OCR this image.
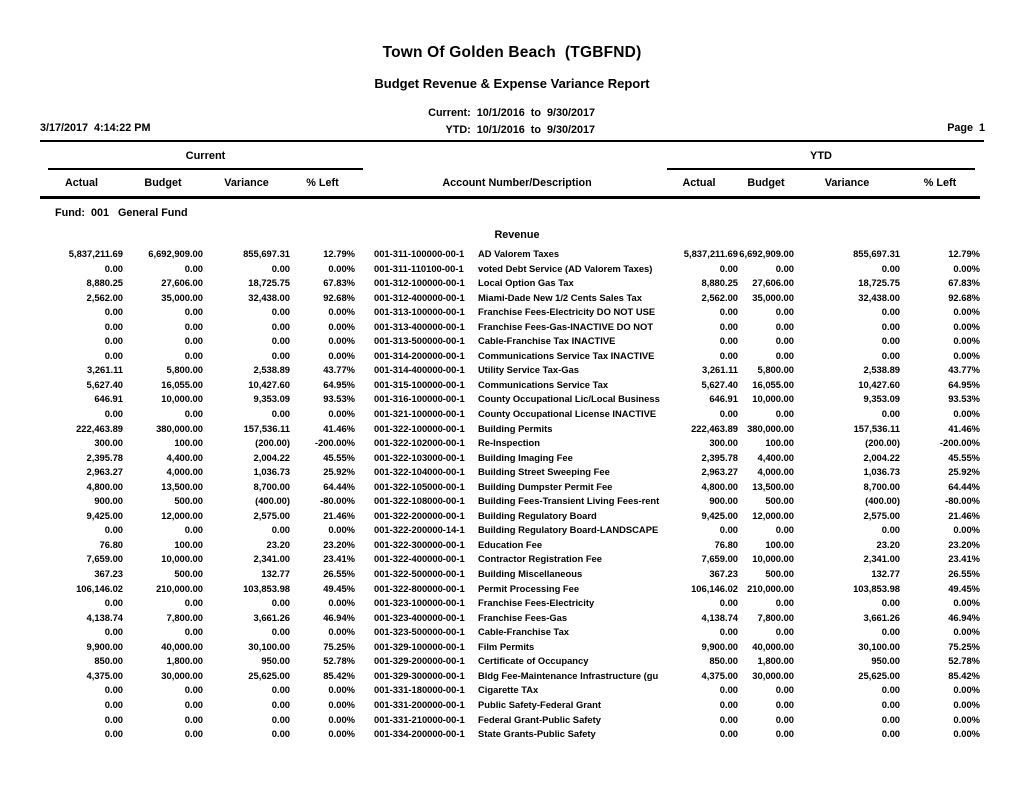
Town Of Golden Beach  (TGBFND)
Budget Revenue & Expense Variance Report
Current:  10/1/2016  to  9/30/2017
YTD:  10/1/2016  to  9/30/2017
3/17/2017  4:14:22 PM	Page  1
Current	YTD
Actual	Budget	Variance	% Left	Account Number/Description	Actual	Budget	Variance	% Left
Fund:  001 General Fund
Revenue
5,837,211.69	6,692,909.00	855,697.31	12.79% 001-311-100000-00-1	AD Valorem Taxes	5,837,211.69 6,692,909.00	855,697.31	12.79%
0.00	0.00	0.00	0.00% 001-311-110100-00-1	voted Debt Service (AD Valorem Taxes)	0.00	0.00	0.00	0.00%
8,880.25	27,606.00	18,725.75	67.83% 001-312-100000-00-1	Local Option Gas Tax	8,880.25	27,606.00	18,725.75	67.83%
2,562.00	35,000.00	32,438.00	92.68% 001-312-400000-00-1	Miami-Dade New 1/2 Cents Sales Tax	2,562.00	35,000.00	32,438.00	92.68%
0.00	0.00	0.00	0.00% 001-313-100000-00-1	Franchise Fees-Electricity DO NOT USE	0.00	0.00	0.00	0.00%
0.00	0.00	0.00	0.00% 001-313-400000-00-1	Franchise Fees-Gas-INACTIVE DO NOT	0.00	0.00	0.00	0.00%
0.00	0.00	0.00	0.00% 001-313-500000-00-1	Cable-Franchise Tax INACTIVE	0.00	0.00	0.00	0.00%
0.00	0.00	0.00	0.00% 001-314-200000-00-1	Communications Service Tax INACTIVE	0.00	0.00	0.00	0.00%
3,261.11	5,800.00	2,538.89	43.77% 001-314-400000-00-1	Utility Service Tax-Gas	3,261.11	5,800.00	2,538.89	43.77%
5,627.40	16,055.00	10,427.60	64.95% 001-315-100000-00-1	Communications Service Tax	5,627.40	16,055.00	10,427.60	64.95%
646.91	10,000.00	9,353.09	93.53% 001-316-100000-00-1	County Occupational Lic/Local Business	646.91	10,000.00	9,353.09	93.53%
0.00	0.00	0.00	0.00% 001-321-100000-00-1	County Occupational License INACTIVE	0.00	0.00	0.00	0.00%
222,463.89	380,000.00	157,536.11	41.46% 001-322-100000-00-1	Building Permits	222,463.89 380,000.00	157,536.11	41.46%
300.00	100.00	(200.00)	-200.00% 001-322-102000-00-1	Re-Inspection	300.00	100.00	(200.00)	-200.00%
2,395.78	4,400.00	2,004.22	45.55% 001-322-103000-00-1	Building Imaging Fee	2,395.78	4,400.00	2,004.22	45.55%
2,963.27	4,000.00	1,036.73	25.92% 001-322-104000-00-1	Building Street Sweeping Fee	2,963.27	4,000.00	1,036.73	25.92%
4,800.00	13,500.00	8,700.00	64.44% 001-322-105000-00-1	Building Dumpster Permit Fee	4,800.00	13,500.00	8,700.00	64.44%
900.00	500.00	(400.00)	-80.00% 001-322-108000-00-1	Building Fees-Transient Living Fees-rent	900.00	500.00	(400.00)	-80.00%
9,425.00	12,000.00	2,575.00	21.46% 001-322-200000-00-1	Building Regulatory Board	9,425.00	12,000.00	2,575.00	21.46%
0.00	0.00	0.00	0.00% 001-322-200000-14-1	Building Regulatory Board-LANDSCAPE	0.00	0.00	0.00	0.00%
76.80	100.00	23.20	23.20% 001-322-300000-00-1	Education Fee	76.80	100.00	23.20	23.20%
7,659.00	10,000.00	2,341.00	23.41% 001-322-400000-00-1	Contractor Registration Fee	7,659.00	10,000.00	2,341.00	23.41%
367.23	500.00	132.77	26.55% 001-322-500000-00-1	Building Miscellaneous	367.23	500.00	132.77	26.55%
106,146.02	210,000.00	103,853.98	49.45% 001-322-800000-00-1	Permit Processing Fee	106,146.02 210,000.00	103,853.98	49.45%
0.00	0.00	0.00	0.00% 001-323-100000-00-1	Franchise Fees-Electricity	0.00	0.00	0.00	0.00%
4,138.74	7,800.00	3,661.26	46.94% 001-323-400000-00-1	Franchise Fees-Gas	4,138.74	7,800.00	3,661.26	46.94%
0.00	0.00	0.00	0.00% 001-323-500000-00-1	Cable-Franchise Tax	0.00	0.00	0.00	0.00%
9,900.00	40,000.00	30,100.00	75.25% 001-329-100000-00-1	Film Permits	9,900.00	40,000.00	30,100.00	75.25%
850.00	1,800.00	950.00	52.78% 001-329-200000-00-1	Certificate of Occupancy	850.00	1,800.00	950.00	52.78%
4,375.00	30,000.00	25,625.00	85.42% 001-329-300000-00-1	Bldg Fee-Maintenance Infrastructure (gu	4,375.00	30,000.00	25,625.00	85.42%
0.00	0.00	0.00	0.00% 001-331-180000-00-1	Cigarette TAx	0.00	0.00	0.00	0.00%
0.00	0.00	0.00	0.00% 001-331-200000-00-1	Public Safety-Federal Grant	0.00	0.00	0.00	0.00%
0.00	0.00	0.00	0.00% 001-331-210000-00-1	Federal Grant-Public Safety	0.00	0.00	0.00	0.00%
0.00	0.00	0.00	0.00% 001-334-200000-00-1	State Grants-Public Safety	0.00	0.00	0.00	0.00%
